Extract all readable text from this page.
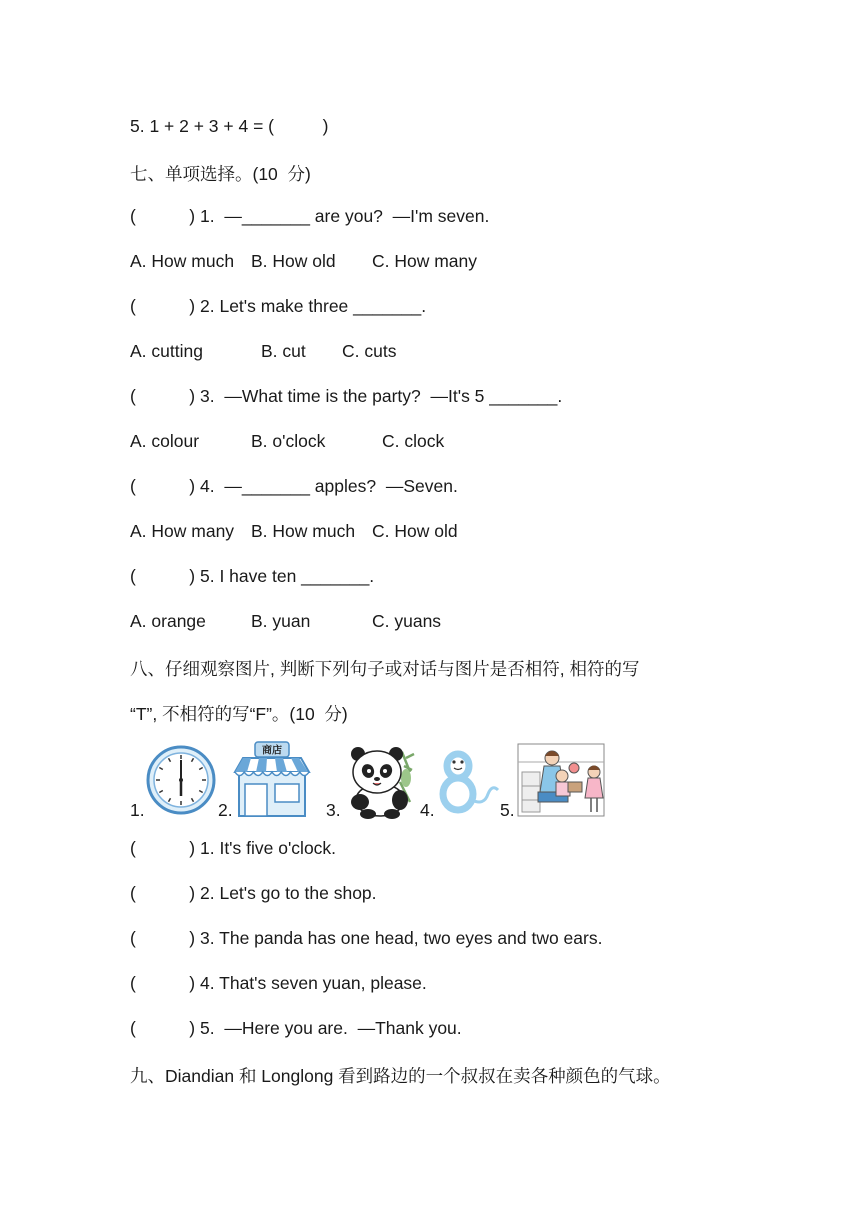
5. 1 + 2 + 3 + 4 = (          )
七、单项选择。(10  分)
(           ) 1.  —_______ are you?  —I'm seven.
A. How much B. How old C. How many
(           ) 2. Let's make three _______.
A. cutting	B. cut C. cuts
(           ) 3.  —What time is the party?  —It's 5 _______.
A. colour	B. o'clock	C. clock
(           ) 4.  —_______ apples?  —Seven.
A. How many B. How much C. How old
(           ) 5. I have ten _______.
A. orange	B. yuan	C. yuans
八、仔细观察图片, 判断下列句子或对话与图片是否相符, 相符的写
“T”, 不相符的写“F”。(10  分)
1.	2.
商店
3.	4.	5.
(           ) 1. It's five o'clock.
(           ) 2. Let's go to the shop.
(           ) 3. The panda has one head, two eyes and two ears.
(           ) 4. That's seven yuan, please.
(           ) 5.  —Here you are.  —Thank you.
九、Diandian 和 Longlong 看到路边的一个叔叔在卖各种颜色的气球。
